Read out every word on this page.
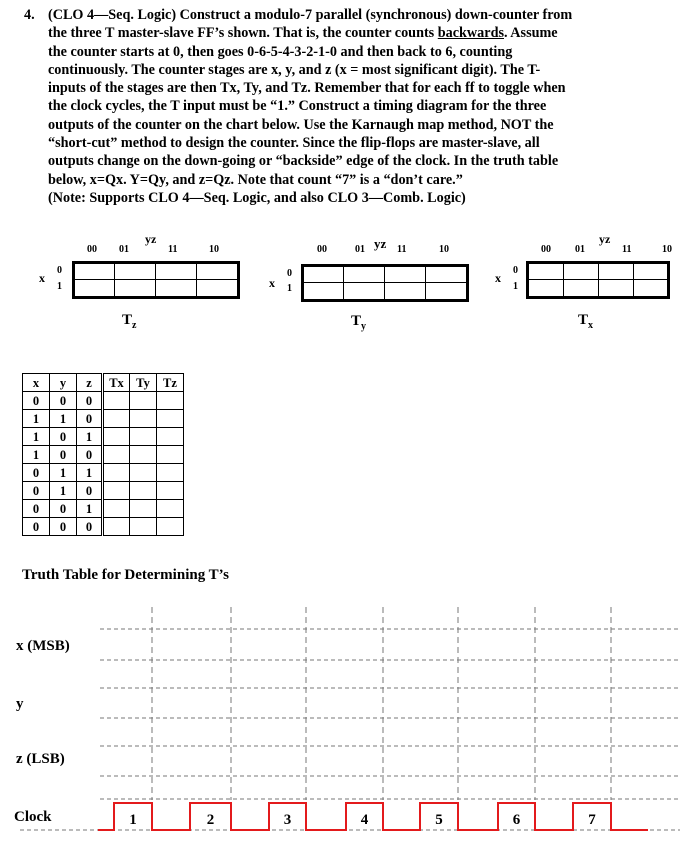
4. (CLO 4—Seq. Logic) Construct a modulo-7 parallel (synchronous) down-counter from
the three T master-slave FF’s shown. That is, the counter counts backwards. Assume
the counter starts at 0, then goes 0-6-5-4-3-2-1-0 and then back to 6, counting
continuously. The counter stages are x, y, and z (x = most significant digit). The T-
inputs of the stages are then Tx, Ty, and Tz. Remember that for each ff to toggle when
the clock cycles, the T input must be “1.” Construct a timing diagram for the three
outputs of the counter on the chart below. Use the Karnaugh map method, NOT the
“short-cut” method to design the counter. Since the flip-flops are master-slave, all
outputs change on the down-going or “backside” edge of the clock. In the truth table
below, x=Qx. Y=Qy, and z=Qz. Note that count “7” is a “don’t care.”
(Note: Supports CLO 4—Seq. Logic, and also CLO 3—Comb. Logic)
yz
00 01	11	10
x
0
1
$T_z$
yz
00	01	11	10
x
0
1
$T_y$
yz
00 01	11	10
x
0
1
$T_x$
x	y	z	Tx	Ty	Tz
0	0	0			
1	1	0			
1	0	1			
1	0	0			
0	1	1			
0	1	0			
0	0	1			
0	0	0			
Truth Table for Determining T’s
x (MSB)
y
z (LSB)
Clock	1	2	3	4	5	6	7
